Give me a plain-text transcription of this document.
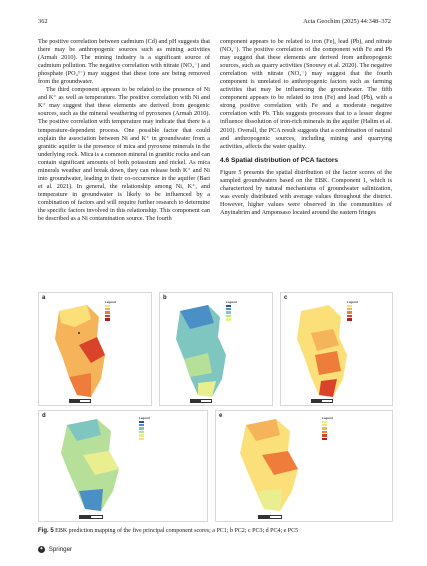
362	Acta Geochim (2025) 44:348–372

The positive correlation between cadmium (Cd) and pH suggests that there may be anthropogenic sources such as mining activities (Armah 2010). The mining industry is a significant source of cadmium pollution. The negative correlation with nitrate (NO₃⁻) and phosphate (PO₄³⁻) may suggest that these ions are being removed from the groundwater.

The third component appears to be related to the presence of Ni and K⁺ as well as temperature. The positive correlation with Ni and K⁺ may suggest that these elements are derived from geogenic sources, such as the mineral weathering of pyroxenes (Armah 2010). The positive correlation with temperature may indicate that there is a temperature-dependent process. One possible factor that could explain the association between Ni and K⁺ in groundwater from a granitic aquifer is the presence of mica and pyroxene minerals in the underlying rock. Mica is a common mineral in granitic rocks and can contain significant amounts of both potassium and nickel. As mica minerals weather and break down, they can release both K⁺ and Ni into groundwater, leading to their co-occurrence in the aquifer (Bari et al. 2021). In general, the relationship among Ni, K⁺, and temperature in groundwater is likely to be influenced by a combination of factors and will require further research to determine the specific factors involved in this relationship. This component can be described as a Ni contamination source. The fourth

component appears to be related to iron (Fe), lead (Pb), and nitrate (NO₃⁻). The positive correlation of the component with Fe and Pb may suggest that these elements are derived from anthropogenic sources, such as quarry activities (Snouwy et al. 2020). The negative correlation with nitrate (NO₃⁻) may suggest that the fourth component is unrelated to anthropogenic factors such as farming activities that may be influencing the groundwater. The fifth component appears to be related to iron (Fe) and lead (Pb), with a strong positive correlation with Fe and a moderate negative correlation with Pb. This suggests processes that to a lesser degree influence dissolution of iron-rich minerals in the aquifer (Halim et al. 2010). Overall, the PCA result suggests that a combination of natural and anthropogenic sources, including mining and quarrying activities, affects the water quality.

4.6 Spatial distribution of PCA factors

Figure 5 presents the spatial distribution of the factor scores of the sampled groundwaters based on the EBK. Component 1, which is characterized by natural mechanisms of groundwater salinization, was evenly distributed with average values throughout the district. However, higher values were observed in the communities of Anyinabrim and Amponsaso located around the eastern fringes

a
Legend
b
Legend
c
Legend
d	Legend	e	Legend
Fig. 5 EBK prediction mapping of the five principal component scores; a PC1; b PC2; c PC3; d PC4; e PC5
✦ Springer
